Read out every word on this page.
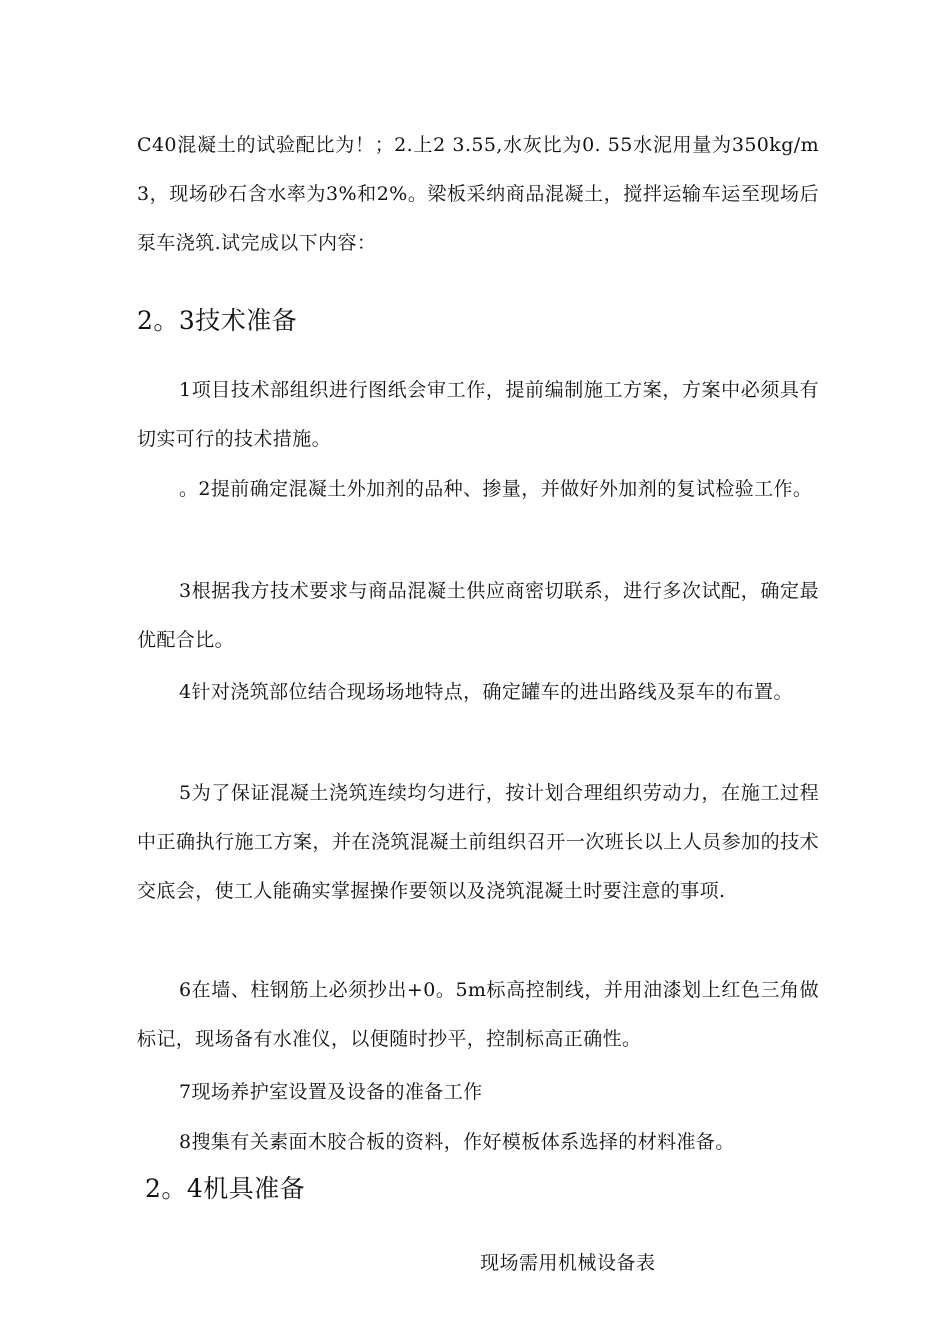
C40混凝土的试验配比为！；2.上2 3.55,水灰比为0. 55水泥用量为350kg/m3，现场砂石含水率为3%和2%。梁板采纳商品混凝土，搅拌运输车运至现场后泵车浇筑.试完成以下内容：

2。3技术准备

1项目技术部组织进行图纸会审工作，提前编制施工方案，方案中必须具有切实可行的技术措施。

。2提前确定混凝土外加剂的品种、掺量，并做好外加剂的复试检验工作。

3根据我方技术要求与商品混凝土供应商密切联系，进行多次试配，确定最优配合比。

4针对浇筑部位结合现场场地特点，确定罐车的进出路线及泵车的布置。

5为了保证混凝土浇筑连续均匀进行，按计划合理组织劳动力，在施工过程中正确执行施工方案，并在浇筑混凝土前组织召开一次班长以上人员参加的技术交底会，使工人能确实掌握操作要领以及浇筑混凝土时要注意的事项.

6在墙、柱钢筋上必须抄出+0。5m标高控制线，并用油漆划上红色三角做标记，现场备有水准仪，以便随时抄平，控制标高正确性。

7现场养护室设置及设备的准备工作

8搜集有关素面木胶合板的资料，作好模板体系选择的材料准备。

2。4机具准备

现场需用机械设备表
